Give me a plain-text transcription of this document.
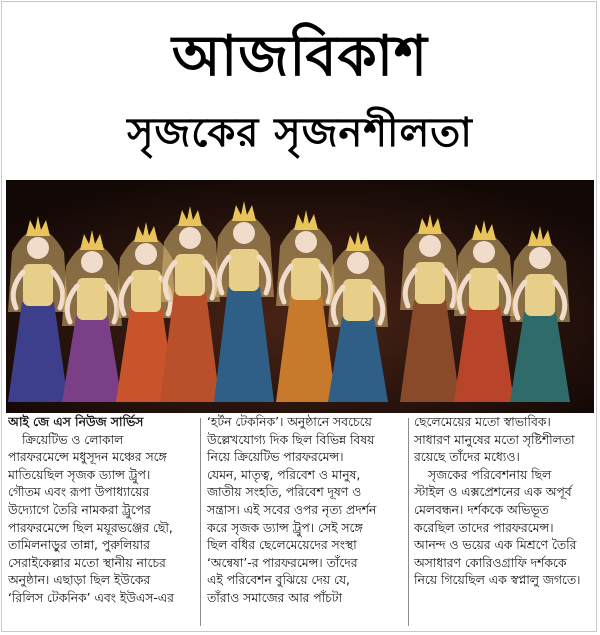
আজবিকাশ
সৃজকের সৃজনশীলতা

আই জে এস নিউজ সার্ভিস

ক্রিয়েটিভ ও লোকাল

পারফরমেন্সে মধুসূদন মঞ্চের সঙ্গে

মাতিয়েছিল সৃজক ড্যান্স ট্রুপ।

গৌতম এবং রূপা উপাধ্যায়ের

উদ্যোগে তৈরি নামকরা ট্রুপের

পারফরমেন্সে ছিল ময়ূরভঞ্জের ছৌ,

তামিলনাড়ুর তান্না, পুরুলিয়ার

সেরাইকেল্লার মতো স্থানীয় নাচের

অনুষ্ঠান। এছাড়া ছিল ইউকের

‘রিলিস টেকনিক’ এবং ইউএস-এর

‘হর্টন টেকনিক’। অনুষ্ঠানে সবচেয়ে

উল্লেখযোগ্য দিক ছিল বিভিন্ন বিষয়

নিয়ে ক্রিয়েটিভ পারফরমেন্স।

যেমন, মাতৃত্ব, পরিবেশ ও মানুষ,

জাতীয় সংহতি, পরিবেশ দূষণ ও

সন্ত্রাস। এই সবের ওপর নৃত্য প্রদর্শন

করে সৃজক ড্যান্স ট্রুপ। সেই সঙ্গে

ছিল বধির ছেলেমেয়েদের সংস্থা

‘অন্বেষা’-র পারফরমেন্স। তাঁদের

এই পরিবেশন বুঝিয়ে দেয় যে,

তাঁরাও সমাজের আর পাঁচটা

ছেলেমেয়ের মতো স্বাভাবিক।

সাধারণ মানুষের মতো সৃষ্টিশীলতা

রয়েছে তাঁদের মধ্যেও।

সৃজকের পরিবেশনায় ছিল

স্টাইল ও এক্সপ্রেশনের এক অপূর্ব

মেলবন্ধন। দর্শককে অভিভূত

করেছিল তাদের পারফরমেন্স।

আনন্দ ও ভয়ের এক মিশ্রণে তৈরি

অসাধারণ কোরিওগ্রাফি দর্শককে

নিয়ে গিয়েছিল এক স্বপ্নালু জগতে।
